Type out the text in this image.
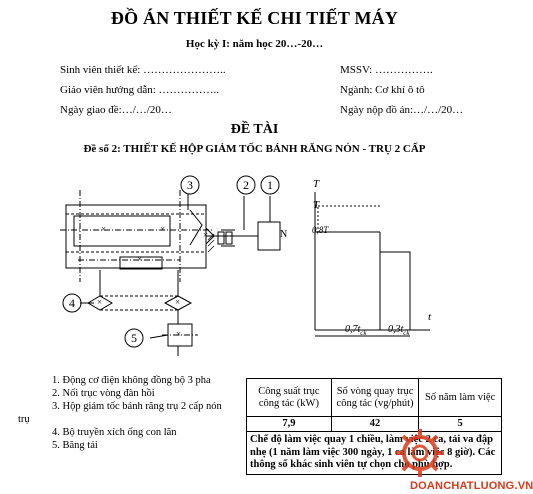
ĐỒ ÁN THIẾT KẾ CHI TIẾT MÁY
Học kỳ I: năm học 20…-20…
Sinh viên thiết kế: …………………..	MSSV: …………….
Giáo viên hướng dẫn: ……………..	Ngành: Cơ khí ô tô
Ngày giao đề:…/…/20…	Ngày nộp đồ án:…/…/20…
ĐỀ TÀI
Đề số 2: THIẾT KẾ HỘP GIẢM TỐC BÁNH RĂNG NÓN - TRỤ 2 CẤP
3	2	1
4
5
×	×
×
×
×	×
×
N
T
T
0,8T
t
$0,7t_{ck}$ $0,3t_{ck}$
1. Động cơ điện không đồng bộ 3 pha
2. Nối trục vòng đàn hồi
3. Hộp giảm tốc bánh răng trụ 2 cấp nón
trụ
4. Bộ truyền xích ống con lăn
5. Băng tải
Công suất trục công tác (kW)	Số vòng quay trục công tác (vg/phút)	Số năm làm việc
7,9	42	5
Chế độ làm việc quay 1 chiều, làm việc 2 ca, tải va đập nhẹ (1 năm làm việc 300 ngày, 1 ca làm việc 8 giờ). Các thông số khác sinh viên tự chọn cho phù hợp.		
DOANCHATLUONG.VN
